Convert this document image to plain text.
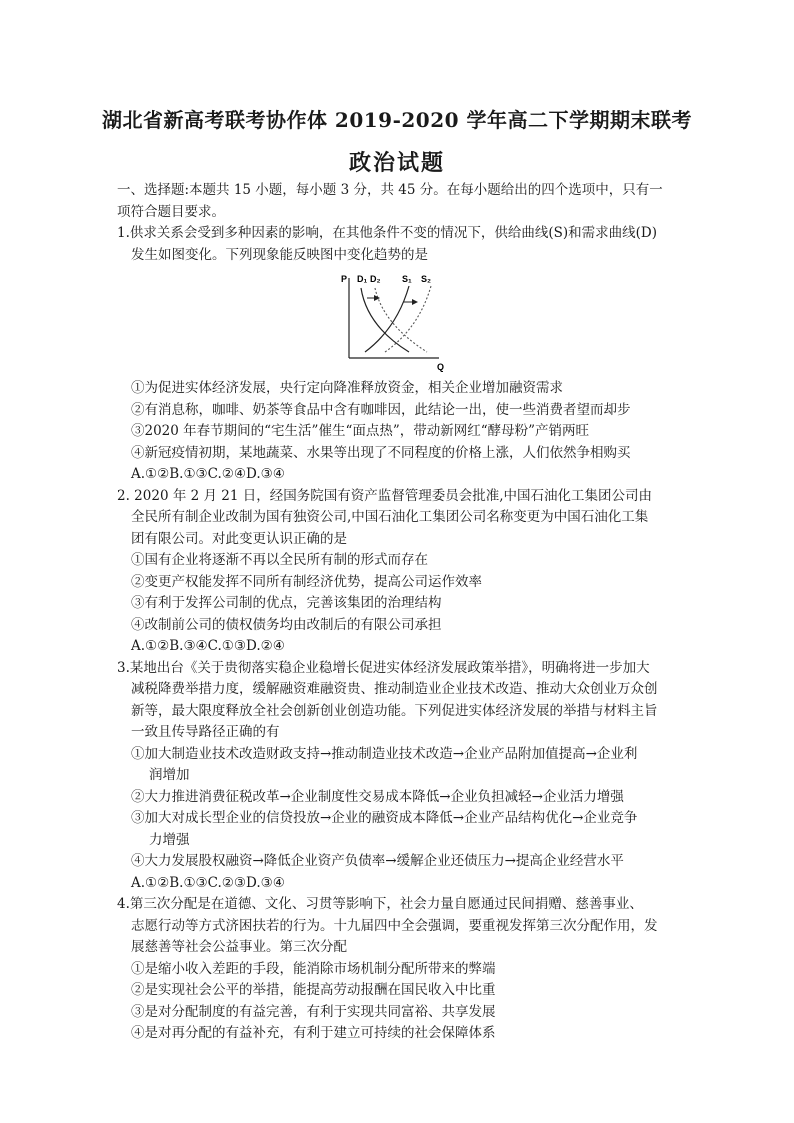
湖北省新高考联考协作体 2019-2020 学年高二下学期期末联考
政治试题
一、选择题:本题共 15 小题，每小题 3 分，共 45 分。在每小题给出的四个选项中，只有一
项符合题目要求。
1.供求关系会受到多种因素的影响，在其他条件不变的情况下，供给曲线(S)和需求曲线(D)
发生如图变化。下列现象能反映图中变化趋势的是
P
Q
D₁ D₂ S₁ S₂
①为促进实体经济发展，央行定向降准释放资金，相关企业增加融资需求
②有消息称，咖啡、奶茶等食品中含有咖啡因，此结论一出，使一些消费者望而却步
③2020 年春节期间的“宅生活”催生“面点热”，带动新网红“酵母粉”产销两旺
④新冠疫情初期，某地蔬菜、水果等出现了不同程度的价格上涨，人们依然争相购买
A.①②B.①③C.②④D.③④
2. 2020 年 2 月 21 日，经国务院国有资产监督管理委员会批准,中国石油化工集团公司由
全民所有制企业改制为国有独资公司,中国石油化工集团公司名称变更为中国石油化工集
团有限公司。对此变更认识正确的是
①国有企业将逐渐不再以全民所有制的形式而存在
②变更产权能发挥不同所有制经济优势，提高公司运作效率
③有利于发挥公司制的优点，完善该集团的治理结构
④改制前公司的债权债务均由改制后的有限公司承担
A.①②B.③④C.①③D.②④
3.某地出台《关于贵彻落实稳企业稳增长促进实体经济发展政策举措》，明确将进一步加大
减税降费举措力度，缓解融资难融资贵、推动制造业企业技术改造、推动大众创业万众创
新等，最大限度释放全社会创新创业创造功能。下列促进实体经济发展的举措与材料主旨
一致且传导路径正确的有
①加大制造业技术改造财政支持→推动制造业技术改造→企业产品附加值提高→企业利
润增加
②大力推进消费征税改革→企业制度性交易成本降低→企业负担减轻→企业活力增强
③加大对成长型企业的信贷投放→企业的融资成本降低→企业产品结构优化→企业竞争
力增强
④大力发展股权融资→降低企业资产负债率→缓解企业还债压力→提高企业经营水平
A.①②B.①③C.②③D.③④
4.第三次分配是在道德、文化、习贯等影响下，社会力量自愿通过民间捐赠、慈善事业、
志愿行动等方式济困扶若的行为。十九届四中全会强调，要重视发挥第三次分配作用，发
展慈善等社会公益事业。第三次分配
①是缩小收入差距的手段，能消除市场机制分配所带来的弊端
②是实现社会公平的举措，能提高劳动报酬在国民收入中比重
③是对分配制度的有益完善，有利于实现共同富裕、共享发展
④是对再分配的有益补充，有利于建立可持续的社会保障体系
